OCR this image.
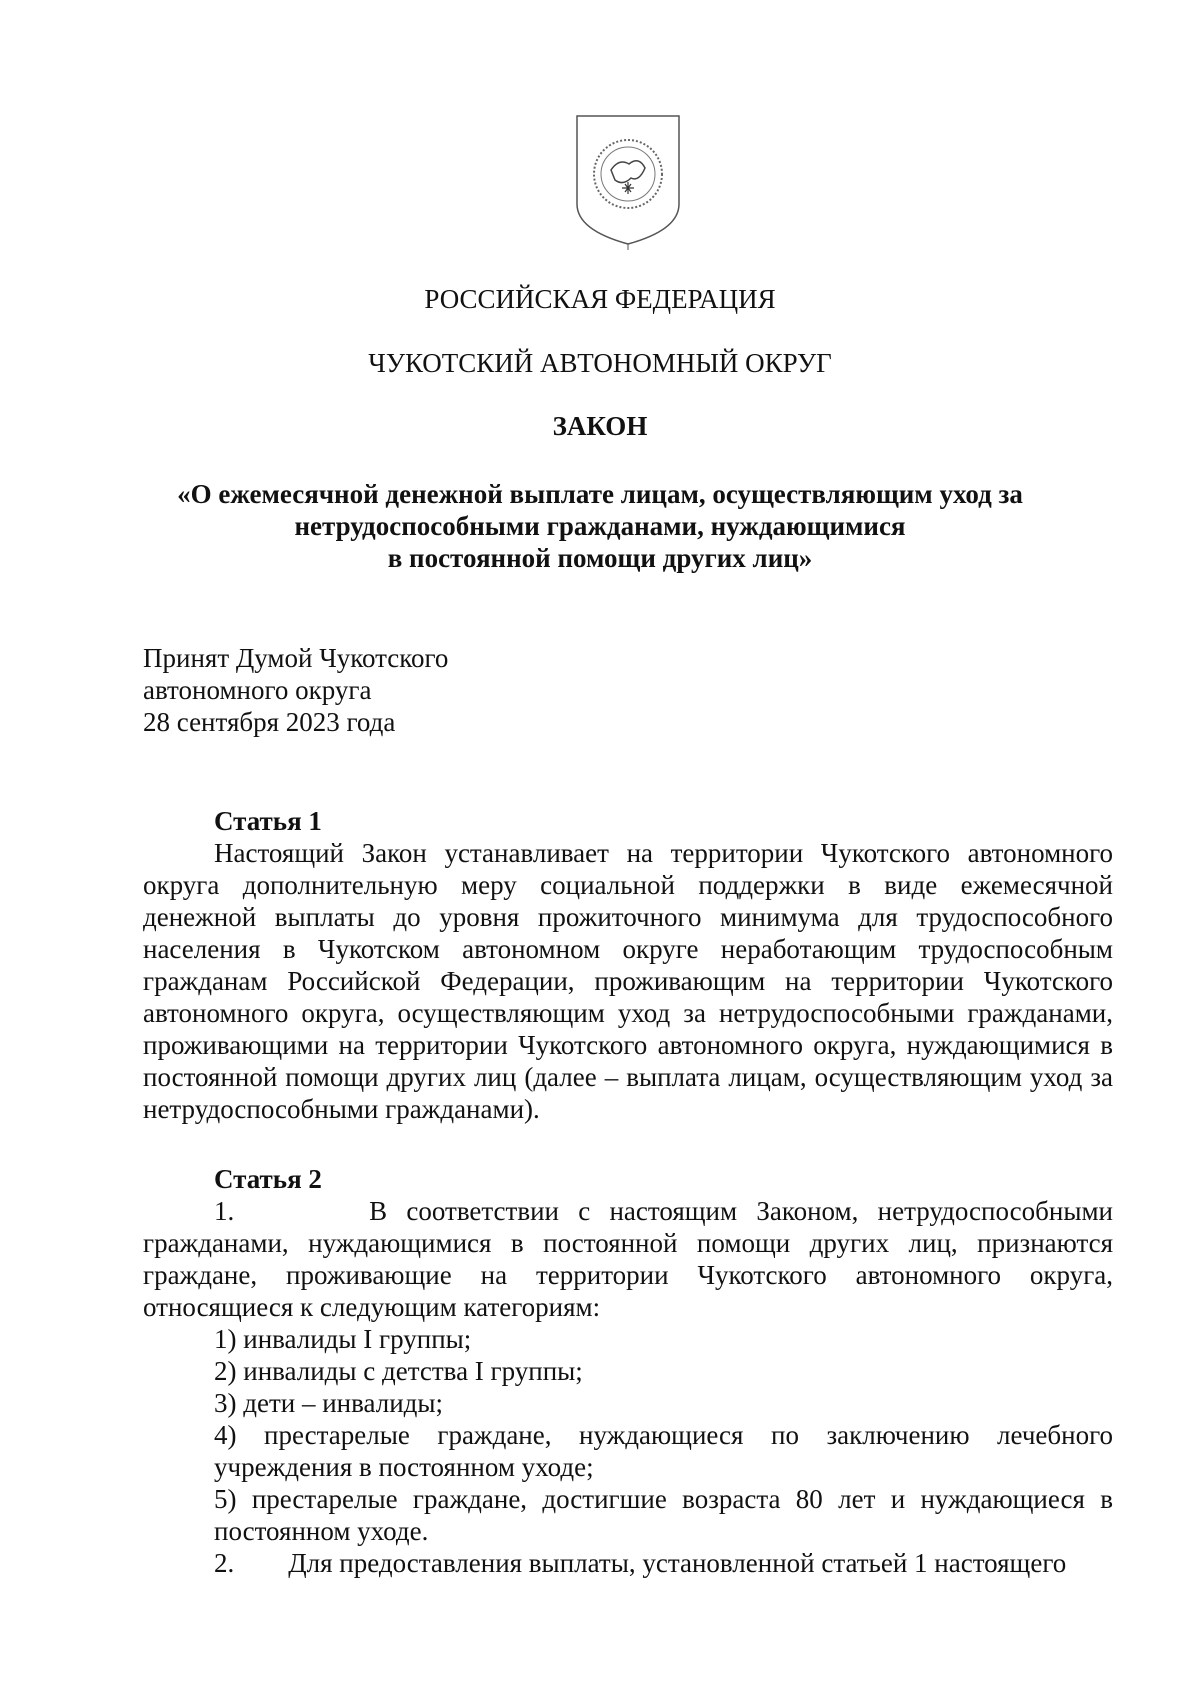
РОССИЙСКАЯ ФЕДЕРАЦИЯ
ЧУКОТСКИЙ АВТОНОМНЫЙ ОКРУГ
ЗАКОН
«О ежемесячной денежной выплате лицам, осуществляющим уход за
нетрудоспособными гражданами, нуждающимися
в постоянной помощи других лиц»
Принят Думой Чукотского
автономного округа
28 сентября 2023 года
Статья 1
Настоящий Закон устанавливает на территории Чукотского автономного округа дополнительную меру социальной поддержки в виде ежемесячной денежной выплаты до уровня прожиточного минимума для трудоспособного населения в Чукотском автономном округе неработающим трудоспособным гражданам Российской Федерации, проживающим на территории Чукотского автономного округа, осуществляющим уход за нетрудоспособными гражданами, проживающими на территории Чукотского автономного округа, нуждающимися в постоянной помощи других лиц (далее – выплата лицам, осуществляющим уход за нетрудоспособными гражданами).
Статья 2
1.	В соответствии с настоящим Законом, нетрудоспособными гражданами, нуждающимися в постоянной помощи других лиц, признаются граждане, проживающие на территории Чукотского автономного округа, относящиеся к следующим категориям:
1) инвалиды I группы;
2) инвалиды с детства I группы;
3) дети – инвалиды;
4) престарелые граждане, нуждающиеся по заключению лечебного учреждения в постоянном уходе;
5) престарелые граждане, достигшие возраста 80 лет и нуждающиеся в постоянном уходе.
2. Для предоставления выплаты, установленной статьей 1 настоящего
